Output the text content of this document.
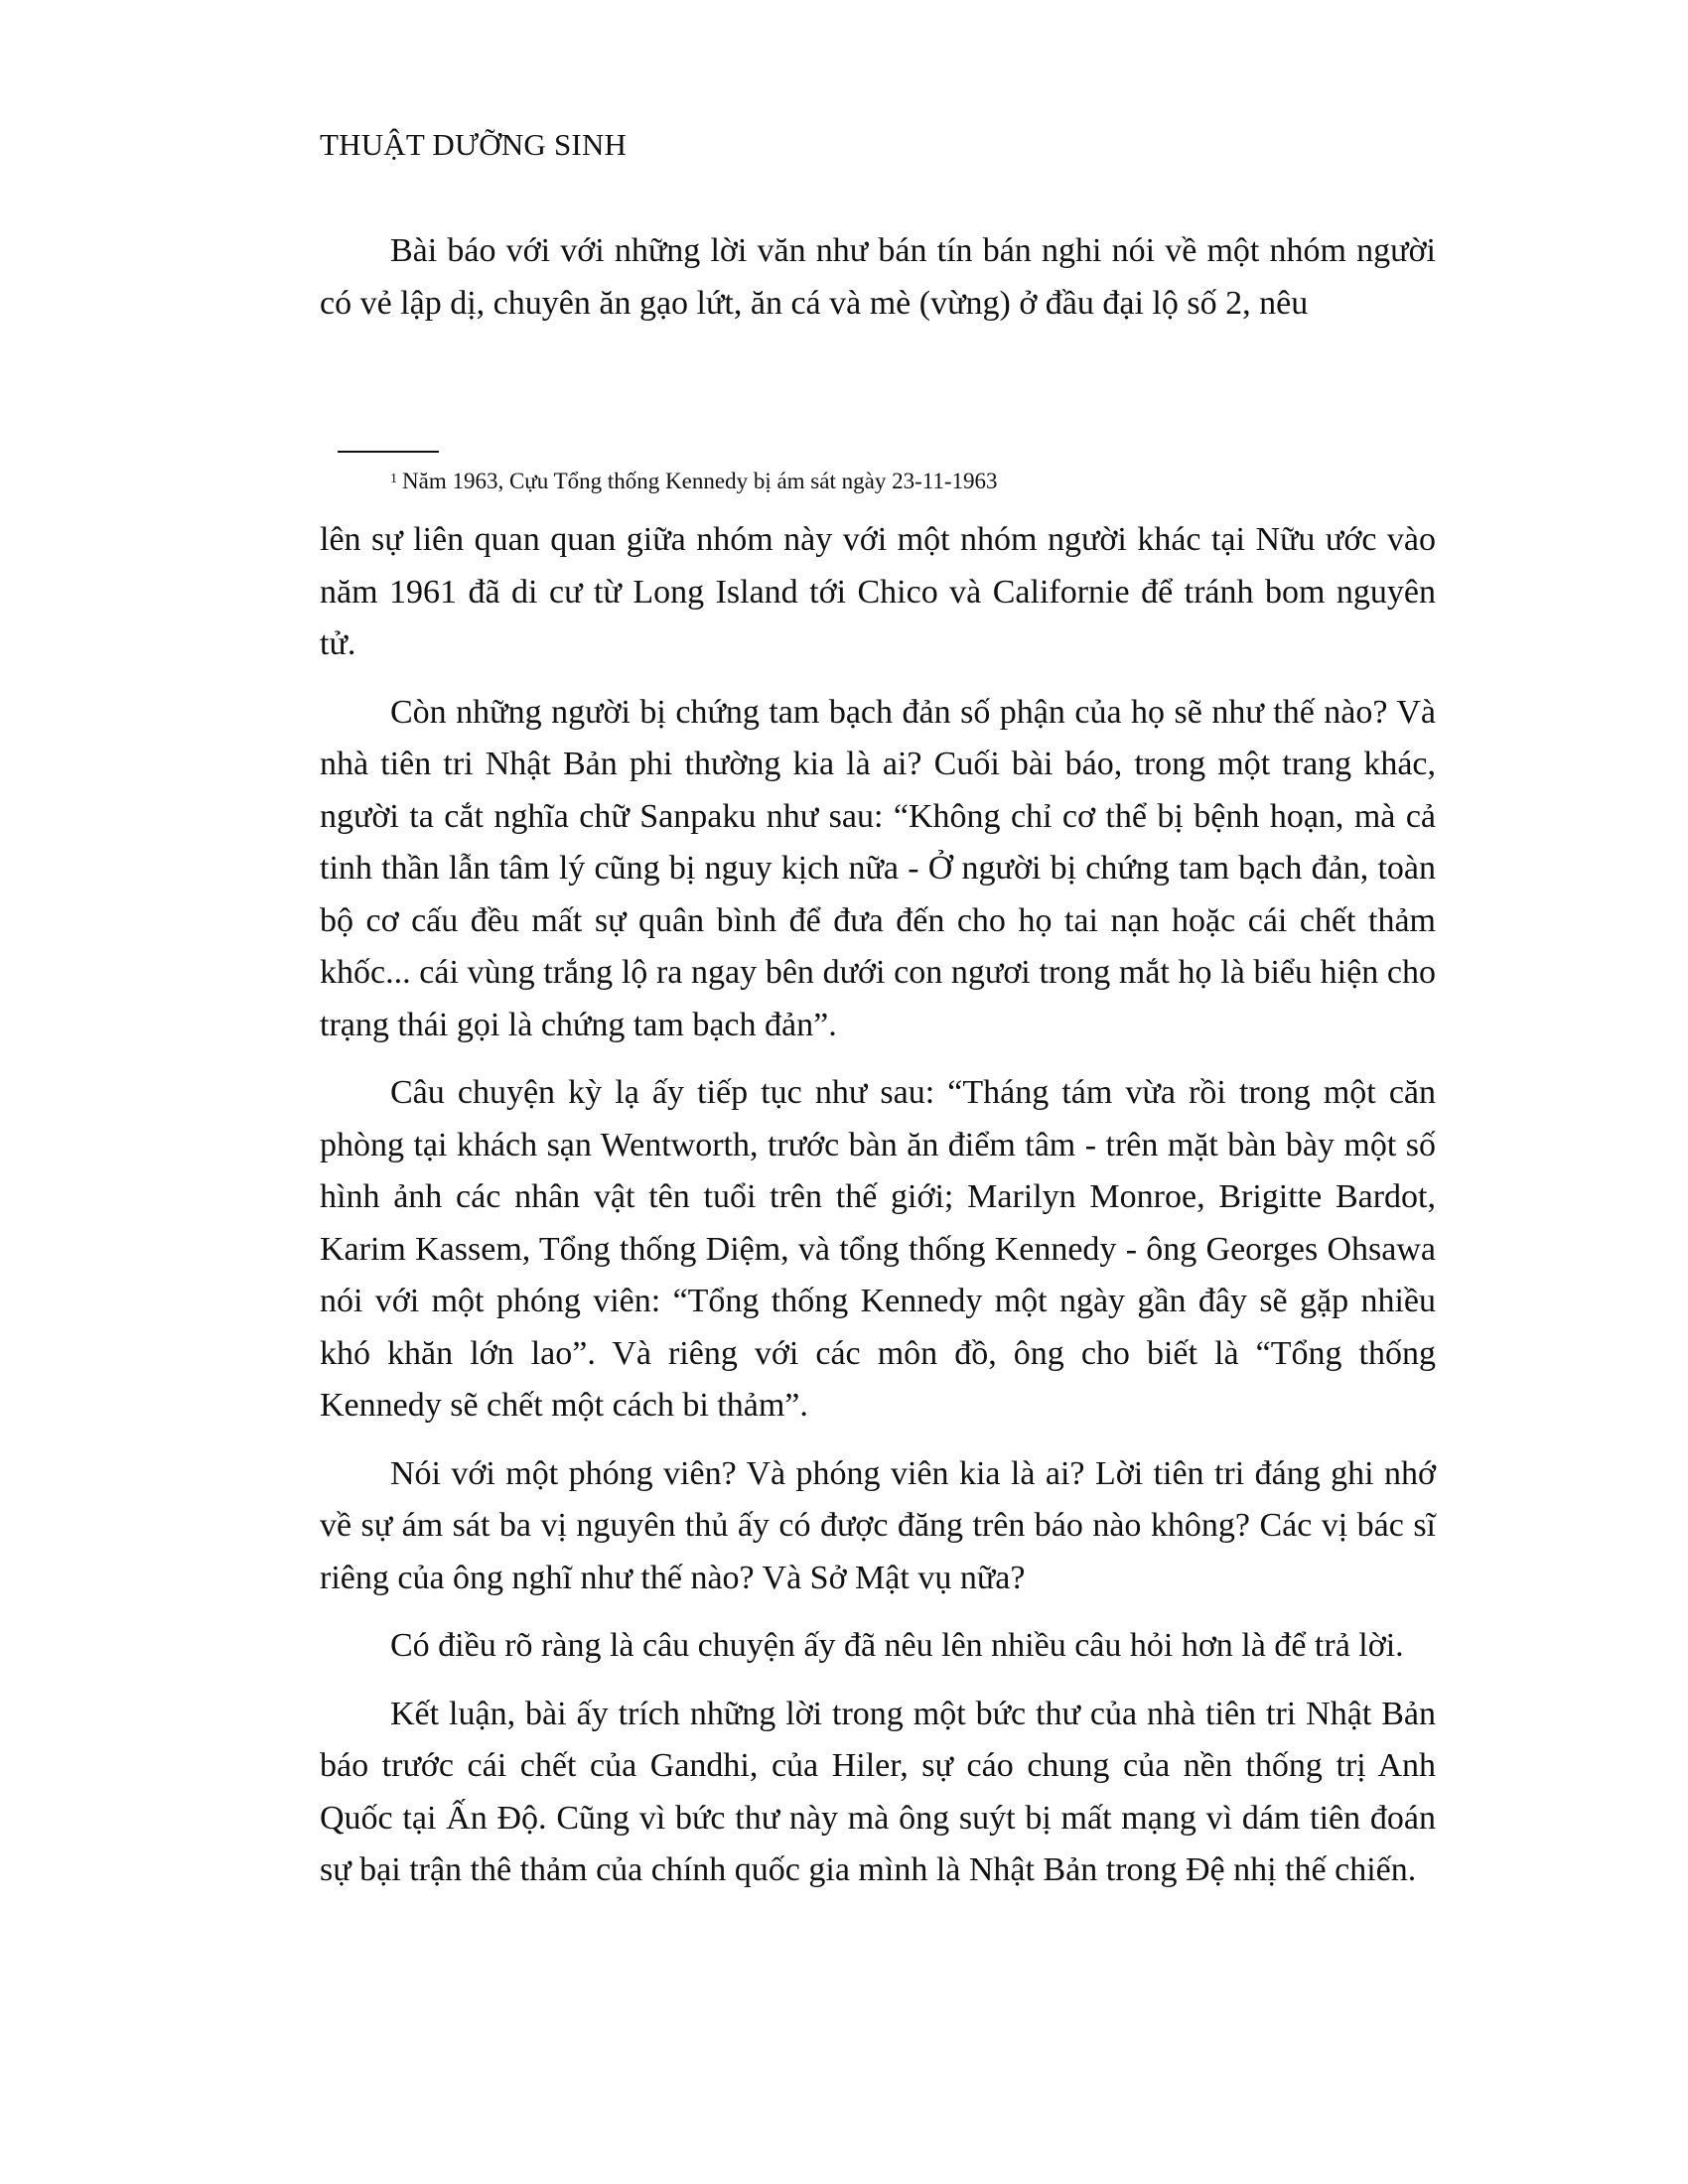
THUẬT DƯỠNG SINH

Bài báo với với những lời văn như bán tín bán nghi nói về một nhóm người có vẻ lập dị, chuyên ăn gạo lứt, ăn cá và mè (vừng) ở đầu đại lộ số 2, nêu

$^1$ Năm 1963, Cựu Tổng thống Kennedy bị ám sát ngày 23-11-1963

lên sự liên quan quan giữa nhóm này với một nhóm người khác tại Nữu ước vào năm 1961 đã di cư từ Long Island tới Chico và Californie để tránh bom nguyên tử.

Còn những người bị chứng tam bạch đản số phận của họ sẽ như thế nào? Và nhà tiên tri Nhật Bản phi thường kia là ai? Cuối bài báo, trong một trang khác, người ta cắt nghĩa chữ Sanpaku như sau: “Không chỉ cơ thể bị bệnh hoạn, mà cả tinh thần lẫn tâm lý cũng bị nguy kịch nữa - Ở người bị chứng tam bạch đản, toàn bộ cơ cấu đều mất sự quân bình để đưa đến cho họ tai nạn hoặc cái chết thảm khốc... cái vùng trắng lộ ra ngay bên dưới con ngươi trong mắt họ là biểu hiện cho trạng thái gọi là chứng tam bạch đản”.

Câu chuyện kỳ lạ ấy tiếp tục như sau: “Tháng tám vừa rồi trong một căn phòng tại khách sạn Wentworth, trước bàn ăn điểm tâm - trên mặt bàn bày một số hình ảnh các nhân vật tên tuổi trên thế giới; Marilyn Monroe, Brigitte Bardot, Karim Kassem, Tổng thống Diệm, và tổng thống Kennedy - ông Georges Ohsawa nói với một phóng viên: “Tổng thống Kennedy một ngày gần đây sẽ gặp nhiều khó khăn lớn lao”. Và riêng với các môn đồ, ông cho biết là “Tổng thống Kennedy sẽ chết một cách bi thảm”.

Nói với một phóng viên? Và phóng viên kia là ai? Lời tiên tri đáng ghi nhớ về sự ám sát ba vị nguyên thủ ấy có được đăng trên báo nào không? Các vị bác sĩ riêng của ông nghĩ như thế nào? Và Sở Mật vụ nữa?

Có điều rõ ràng là câu chuyện ấy đã nêu lên nhiều câu hỏi hơn là để trả lời.

Kết luận, bài ấy trích những lời trong một bức thư của nhà tiên tri Nhật Bản báo trước cái chết của Gandhi, của Hiler, sự cáo chung của nền thống trị Anh Quốc tại Ấn Độ. Cũng vì bức thư này mà ông suýt bị mất mạng vì dám tiên đoán sự bại trận thê thảm của chính quốc gia mình là Nhật Bản trong Đệ nhị thế chiến.
